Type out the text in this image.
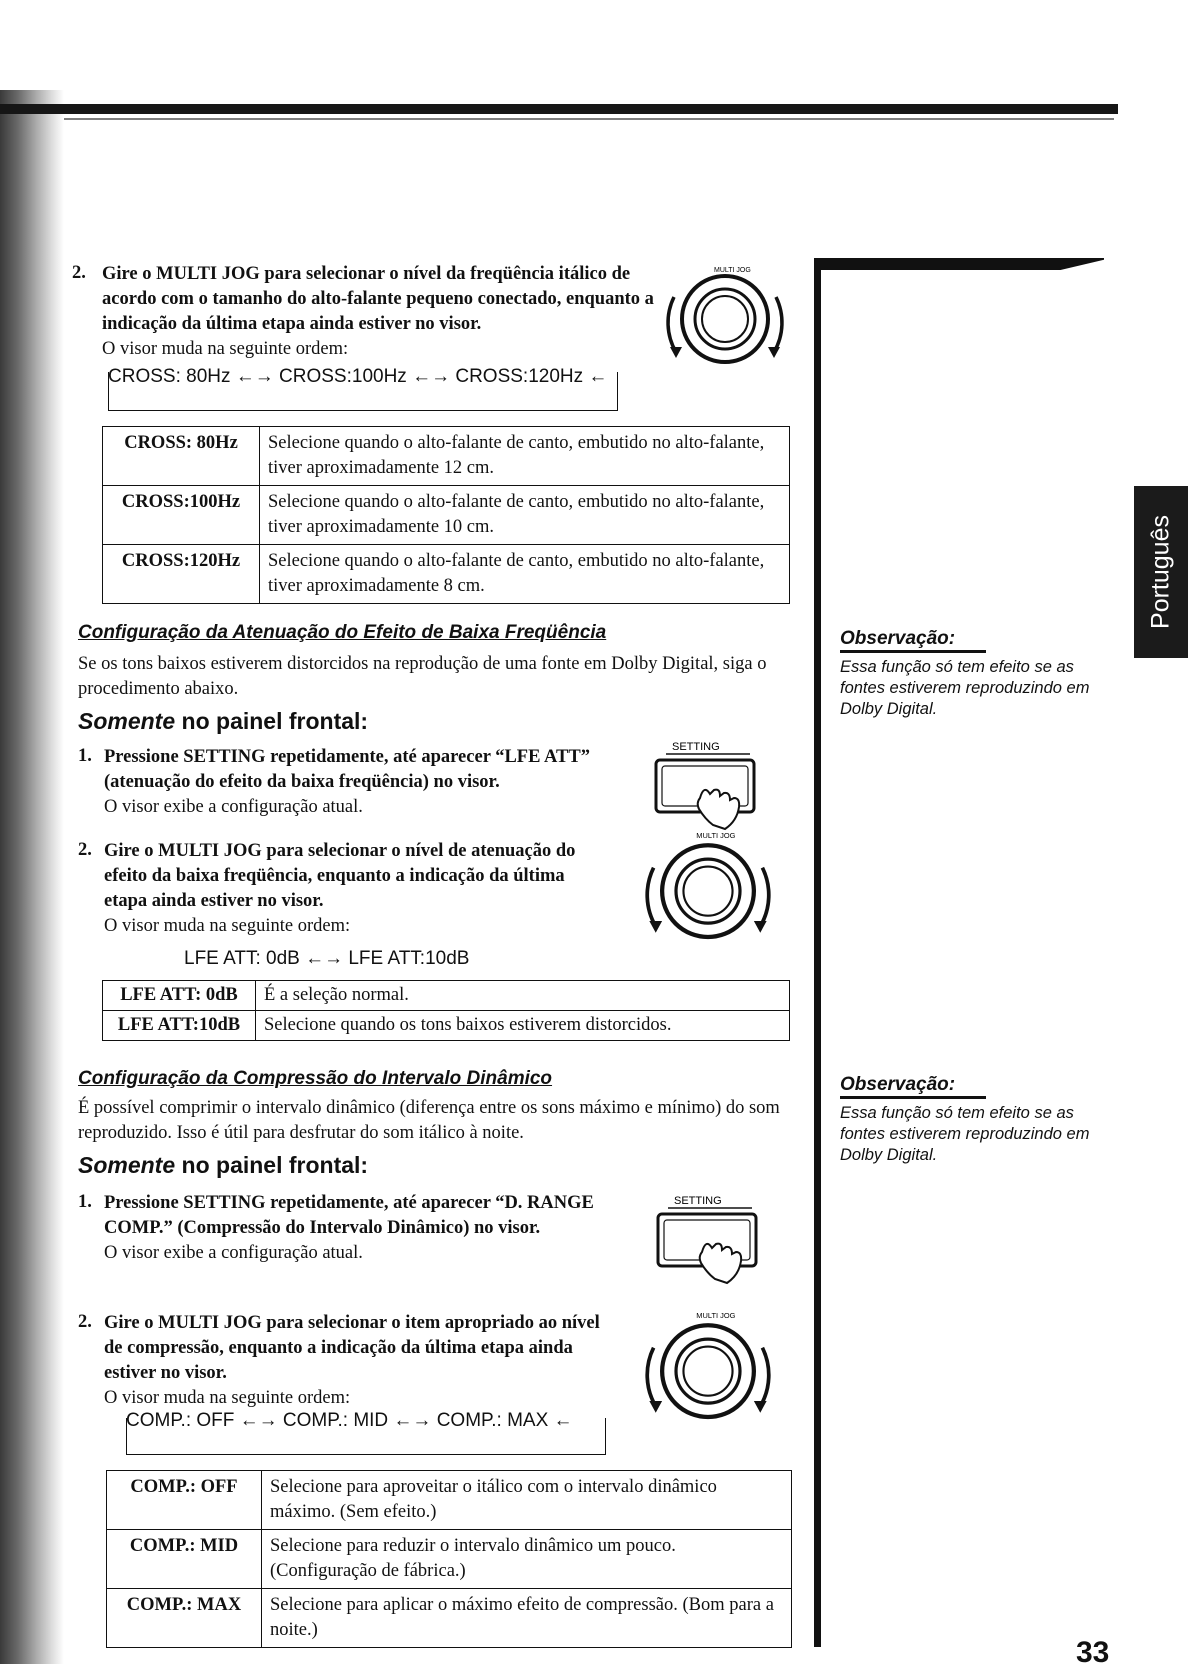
Português
2. Gire o MULTI JOG para selecionar o nível da freqüência itálico de acordo com o tamanho do alto-falante pequeno conectado, enquanto a indicação da última etapa ainda estiver no visor.
O visor muda na seguinte ordem:
MULTI JOG
CROSS: 80Hz ←→ CROSS:100Hz ←→ CROSS:120Hz ←
CROSS: 80Hz	Selecione quando o alto-falante de canto, embutido no alto-falante, tiver aproximadamente 12 cm.
CROSS:100Hz	Selecione quando o alto-falante de canto, embutido no alto-falante, tiver aproximadamente 10 cm.
CROSS:120Hz	Selecione quando o alto-falante de canto, embutido no alto-falante, tiver aproximadamente 8 cm.
Configuração da Atenuação do Efeito de Baixa Freqüência
Se os tons baixos estiverem distorcidos na reprodução de uma fonte em Dolby Digital, siga o procedimento abaixo.
Somente no painel frontal:
1. Pressione SETTING repetidamente, até aparecer “LFE ATT” (atenuação do efeito da baixa freqüência) no visor.
O visor exibe a configuração atual.
SETTING
2. Gire o MULTI JOG para selecionar o nível de atenuação do efeito da baixa freqüência, enquanto a indicação da última etapa ainda estiver no visor.
O visor muda na seguinte ordem:
MULTI JOG
LFE ATT: 0dB ←→ LFE ATT:10dB
LFE ATT: 0dB	É a seleção normal.
LFE ATT:10dB	Selecione quando os tons baixos estiverem distorcidos.
Configuração da Compressão do Intervalo Dinâmico
É possível comprimir o intervalo dinâmico (diferença entre os sons máximo e mínimo) do som reproduzido. Isso é útil para desfrutar do som itálico à noite.
Somente no painel frontal:
1. Pressione SETTING repetidamente, até aparecer “D. RANGE COMP.” (Compressão do Intervalo Dinâmico) no visor.
O visor exibe a configuração atual.
SETTING
2. Gire o MULTI JOG para selecionar o item apropriado ao nível de compressão, enquanto a indicação da última etapa ainda estiver no visor.
O visor muda na seguinte ordem:
MULTI JOG
COMP.: OFF ←→ COMP.: MID ←→ COMP.: MAX ←
COMP.: OFF	Selecione para aproveitar o itálico com o intervalo dinâmico máximo. (Sem efeito.)
COMP.: MID	Selecione para reduzir o intervalo dinâmico um pouco. (Configuração de fábrica.)
COMP.: MAX	Selecione para aplicar o máximo efeito de compressão. (Bom para a noite.)
Observação:
Essa função só tem efeito se as fontes estiverem reproduzindo em Dolby Digital.
Observação:
Essa função só tem efeito se as fontes estiverem reproduzindo em Dolby Digital.
33
